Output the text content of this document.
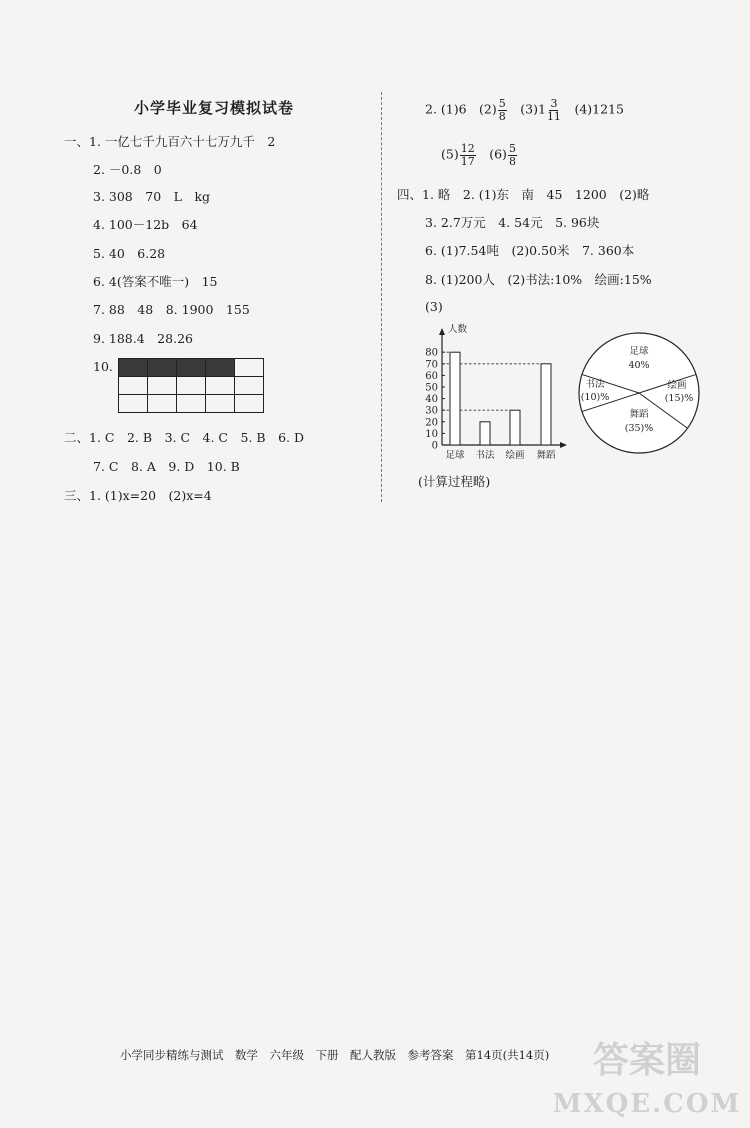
小学毕业复习模拟试卷
一、1. 一亿七千九百六十七万九千　2
2. －0.8　0
3. 308　70　L　kg
4. 100－12b　64
5. 40　6.28
6. 4(答案不唯一)　15
7. 88　48　8. 1900　155
9. 188.4　28.26
10.

二、1. C　2. B　3. C　4. C　5. B　6. D
7. C　8. A　9. D　10. B
三、1. (1)x=20　(2)x=4
2. (1)6　$(2) \frac{5}{8}$ 　$(3)1 \frac{3}{11}$ 　(4)1215
$(5) \frac{12}{17}$ 　$(6) \frac{5}{8}$
四、1. 略　2. (1)东　南　45　1200　(2)略
3. 2.7万元　4. 54元　5. 96块
6. (1)7.54吨　(2)0.50米　7. 360本
8. (1)200人　(2)书法:10%　绘画:15%
(3)
人数
0
10
20
30
40
50
60
70
80
足球 书法 绘画 舞蹈
足球
40%
书法
(10)%
绘画
(15)%
舞蹈
(35)%
(计算过程略)
小学同步精练与测试　数学　六年级　下册　配人教版　参考答案　第14页(共14页) 答案圈
MXQE.COM
